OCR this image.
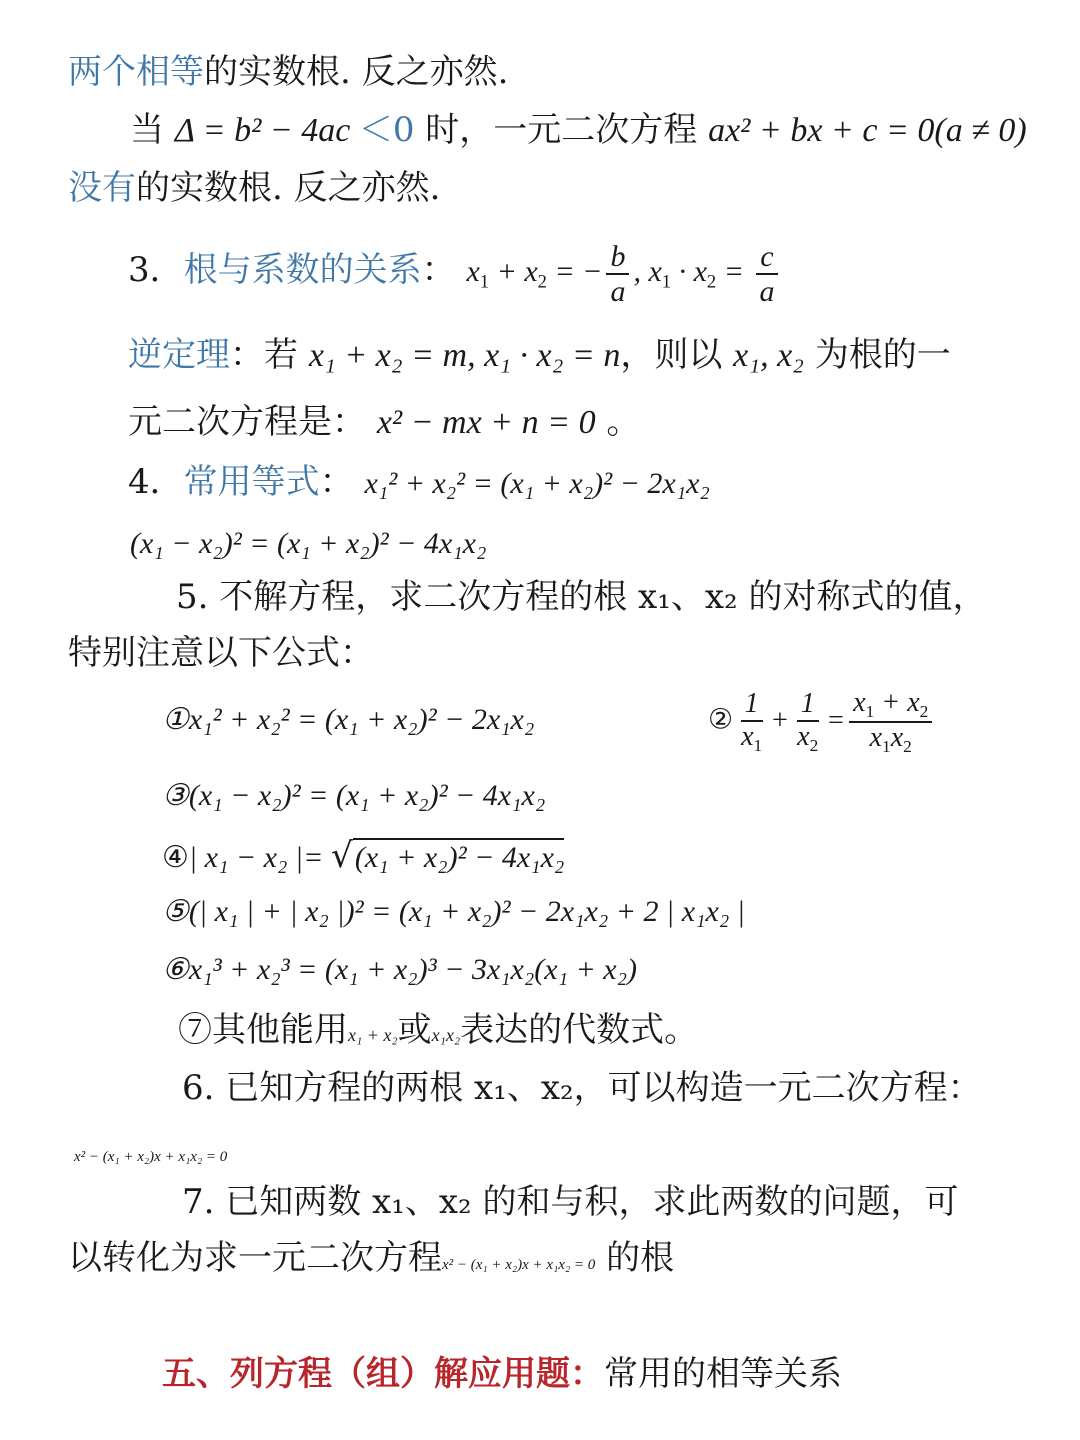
两个相等的实数根. 反之亦然.
当 Δ = b² − 4ac ＜0 时，一元二次方程 ax² + bx + c = 0(a ≠ 0)
没有的实数根. 反之亦然.
3．根与系数的关系： $x_1 + x_2$ = − $\frac{b}{a}$ , $x_1 \cdot x_2 = \frac{c}{a}$
逆定理：若 x₁ + x₂ = m, x₁ · x₂ = n，则以 x₁, x₂ 为根的一
元二次方程是： x² − mx + n = 0 。
4．常用等式： x₁² + x₂² = (x₁ + x₂)² − 2x₁x₂
(x₁ − x₂)² = (x₁ + x₂)² − 4x₁x₂
5. 不解方程，求二次方程的根 x₁、x₂ 的对称式的值，
特别注意以下公式：
①x₁² + x₂² = (x₁ + x₂)² − 2x₁x₂	② $\frac{1}{x_1} + \frac{1}{x_2} = \frac{x_1 + x_2}{x_1x_2}$
③(x₁ − x₂)² = (x₁ + x₂)² − 4x₁x₂
④| x₁ − x₂ |= √(x₁ + x₂)² − 4x₁x₂
⑤(| x₁ | + | x₂ |)² = (x₁ + x₂)² − 2x₁x₂ + 2 | x₁x₂ |
⑥x₁³ + x₂³ = (x₁ + x₂)³ − 3x₁x₂(x₁ + x₂)
⑦其他能用x₁ + x₂或x₁x₂表达的代数式。
6. 已知方程的两根 x₁、x₂，可以构造一元二次方程：
x² − (x₁ + x₂)x + x₁x₂ = 0
7. 已知两数 x₁、x₂ 的和与积，求此两数的问题，可
以转化为求一元二次方程x² − (x₁ + x₂)x + x₁x₂ = 0 的根
五、列方程（组）解应用题：常用的相等关系
